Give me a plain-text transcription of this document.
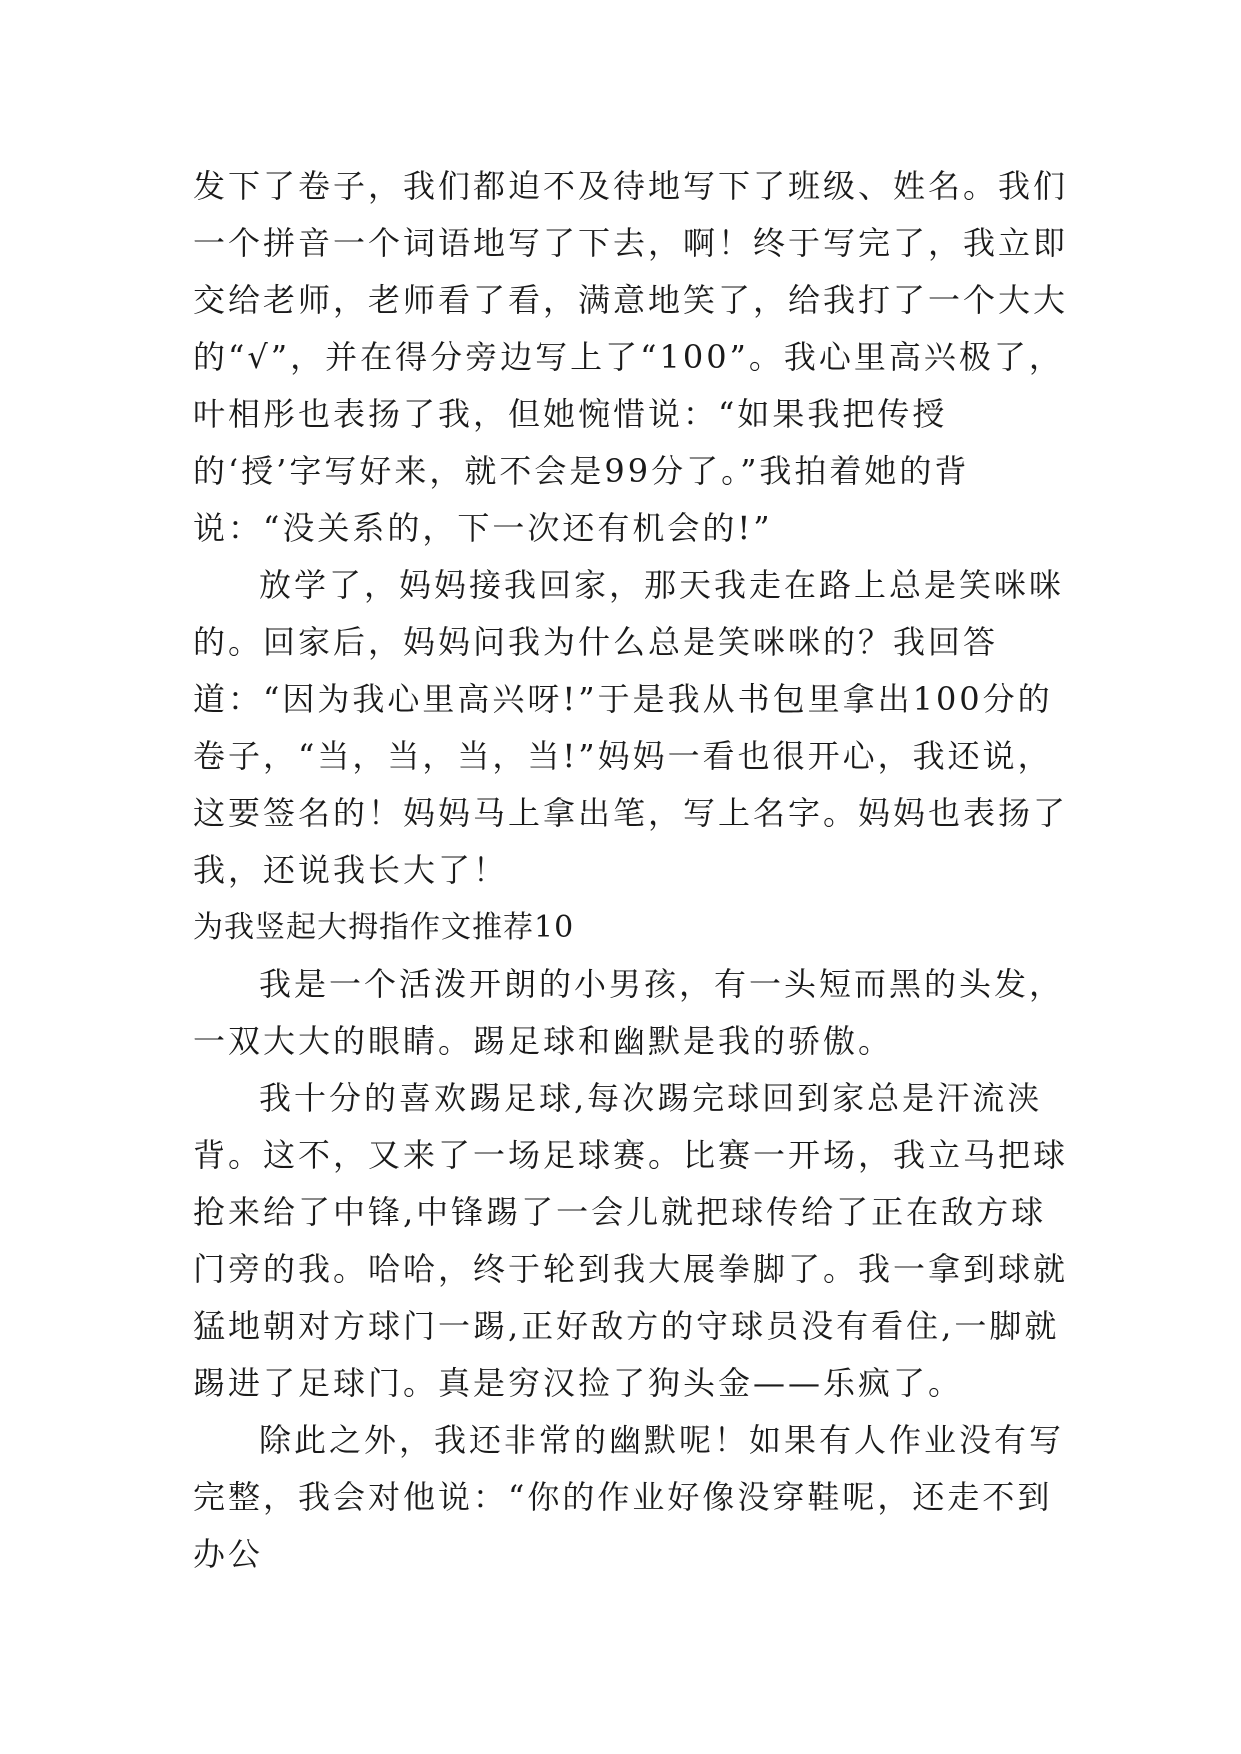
发下了卷子，我们都迫不及待地写下了班级、姓名。我们一个拼音一个词语地写了下去，啊！终于写完了，我立即交给老师，老师看了看，满意地笑了，给我打了一个大大的“√”，并在得分旁边写上了“100”。我心里高兴极了，叶相彤也表扬了我，但她惋惜说：“如果我把传授的‘授’字写好来，就不会是99分了。”我拍着她的背说：“没关系的，下一次还有机会的!”

放学了，妈妈接我回家，那天我走在路上总是笑咪咪的。回家后，妈妈问我为什么总是笑咪咪的？我回答道：“因为我心里高兴呀!”于是我从书包里拿出100分的卷子，“当，当，当，当!”妈妈一看也很开心，我还说，这要签名的！妈妈马上拿出笔，写上名字。妈妈也表扬了我，还说我长大了！

为我竖起大拇指作文推荐10

我是一个活泼开朗的小男孩，有一头短而黑的头发，一双大大的眼睛。踢足球和幽默是我的骄傲。

我十分的喜欢踢足球,每次踢完球回到家总是汗流浃背。这不，又来了一场足球赛。比赛一开场，我立马把球抢来给了中锋,中锋踢了一会儿就把球传给了正在敌方球门旁的我。哈哈，终于轮到我大展拳脚了。我一拿到球就猛地朝对方球门一踢,正好敌方的守球员没有看住,一脚就踢进了足球门。真是穷汉捡了狗头金——乐疯了。

除此之外，我还非常的幽默呢！如果有人作业没有写完整，我会对他说：“你的作业好像没穿鞋呢，还走不到办公
